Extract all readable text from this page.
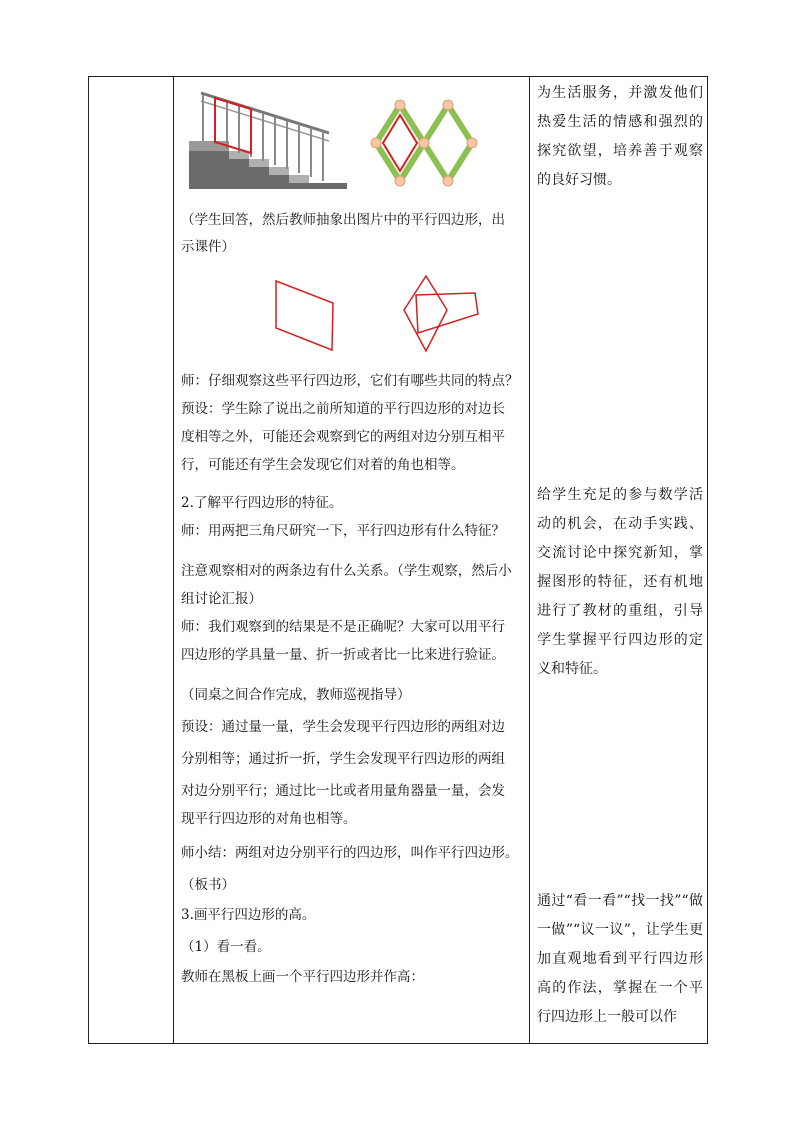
（学生回答，然后教师抽象出图片中的平行四边形，出

示课件）

师：仔细观察这些平行四边形，它们有哪些共同的特点？

预设：学生除了说出之前所知道的平行四边形的对边长

度相等之外，可能还会观察到它的两组对边分别互相平

行，可能还有学生会发现它们对着的角也相等。

2.了解平行四边形的特征。

师：用两把三角尺研究一下，平行四边形有什么特征？

注意观察相对的两条边有什么关系。（学生观察，然后小

组讨论汇报）

师：我们观察到的结果是不是正确呢？大家可以用平行

四边形的学具量一量、折一折或者比一比来进行验证。

（同桌之间合作完成，教师巡视指导）

预设：通过量一量，学生会发现平行四边形的两组对边

分别相等；通过折一折，学生会发现平行四边形的两组

对边分别平行；通过比一比或者用量角器量一量，会发

现平行四边形的对角也相等。

师小结：两组对边分别平行的四边形，叫作平行四边形。

（板书）

3.画平行四边形的高。

（1）看一看。

教师在黑板上画一个平行四边形并作高：

为生活服务，并激发他们热爱生活的情感和强烈的探究欲望，培养善于观察的良好习惯。

给学生充足的参与数学活动的机会，在动手实践、交流讨论中探究新知，掌握图形的特征，还有机地进行了教材的重组，引导学生掌握平行四边形的定义和特征。

通过“看一看”“找一找”“做一做”“议一议”，让学生更加直观地看到平行四边形高的作法，掌握在一个平行四边形上一般可以作
